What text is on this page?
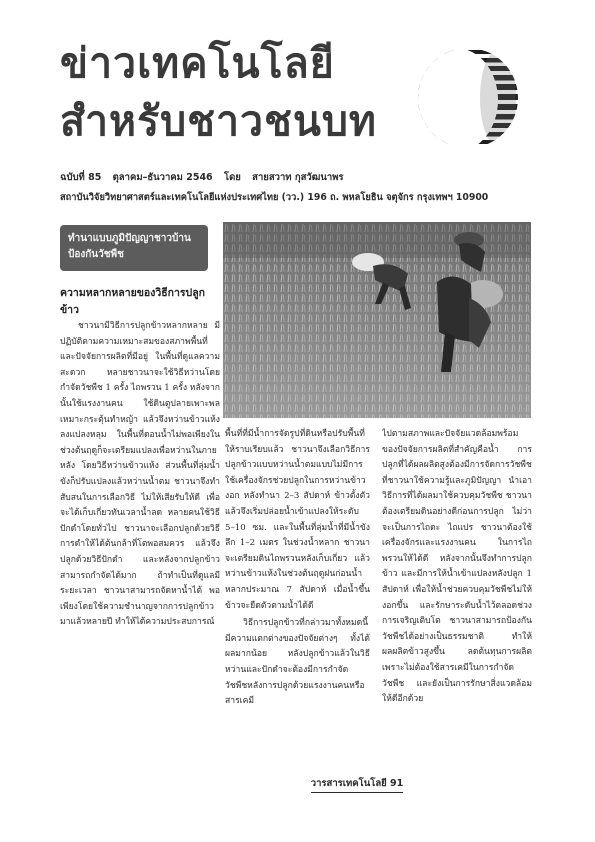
ข่าวเทคโนโลยี
สำหรับชาวชนบท
ฉบับที่ 85 ตุลาคม–ธันวาคม 2546 โดย สายสวาท กุสวัฒนาพร
สถาบันวิจัยวิทยาศาสตร์และเทคโนโลยีแห่งประเทศไทย (วว.) 196 ถ. พหลโยธิน จตุจักร กรุงเทพฯ 10900
ทำนาแบบภูมิปัญญาชาวบ้าน ป้องกันวัชพืช
ความหลากหลายของวิธีการปลูกข้าว

ชาวนามีวิธีการปลูกข้าวหลากหลาย มีปฏิบัติตามความเหมาะสมของสภาพพื้นที่และปัจจัยการผลิตที่มีอยู่ ในพื้นที่ดูแลความสะดวก หลายชาวนาจะใช้วิธีหว่านโดยกำจัดวัชพืช 1 ครั้ง ไถพรวน 1 ครั้ง หลังจากนั้นใช้แรงงานคน ใช้ดินตูปลายเพาะพลเหมาะกระตุ้นทำหญ้า แล้วจึงหว่านข้าวแห้งลงแปลงหลุม ในพื้นที่ดอนน้ำไม่พอเพียงในช่วงต้นฤดูก็จะเตรียมแปลงเพื่อหว่านในภายหลัง โดยวิธีหว่านข้าวแห้ง ส่วนพื้นที่ลุ่มน้ำขังก็ปรับแปลงแล้วหว่านน้ำตม ชาวนาจึงทำสับสนในการเลือกวิธี ไม่ให้เสียรับให้ดี เพื่อจะได้เก็บเกี่ยวทันเวลาน้ำลด หลายคนใช้วิธีปักดำโดยทั่วไป ชาวนาจะเลือกปลูกด้วยวิธีการดำให้ได้ต้นกล้าที่โตพอสมควร แล้วจึงปลูกด้วยวิธีปักดำ และหลังจากปลูกข้าว สามารถกำจัดได้มาก ถ้าทำเป็นที่ดูแลมีระยะเวลา ชาวนาสามารถจัดหาน้ำได้ พอเพียงโดยใช้ความชำนาญจากการปลูกข้าวมาแล้วหลายปี ทำให้ได้ความประสบการณ์

พื้นที่ที่มีน้ำการจัดรูปที่ดินหรือปรับพื้นที่ให้ราบเรียบแล้ว ชาวนาจึงเลือกวิธีการปลูกข้าวแบบหว่านน้ำตมแบบไม่มีการใช้เครื่องจักรช่วยปลูกในการหว่านข้าวงอก หลังทำนา 2–3 สัปดาห์ ข้าวตั้งตัวแล้วจึงเริ่มปล่อยน้ำเข้าแปลงให้ระดับ 5–10 ซม. และในพื้นที่ลุ่มน้ำที่มีน้ำขังลึก 1–2 เมตร ในช่วงน้ำหลาก ชาวนาจะเตรียมดินไถพรวนหลังเก็บเกี่ยว แล้วหว่านข้าวแห้งในช่วงต้นฤดูฝนก่อนน้ำหลากประมาณ 7 สัปดาห์ เมื่อน้ำขึ้นข้าวจะยืดตัวตามน้ำได้ดี

วิธีการปลูกข้าวที่กล่าวมาทั้งหมดนี้มีความแตกต่างของปัจจัยต่างๆ ทั้งได้ผลมากน้อย หลังปลูกข้าวแล้วในวิธีหว่านและปักดำจะต้องมีการกำจัดวัชพืชหลังการปลูกด้วยแรงงานคนหรือสารเคมี

ไปตามสภาพและปัจจัยแวดล้อมพร้อมของปัจจัยการผลิตที่สำคัญคือน้ำ การปลูกที่ได้ผลผลิตสูงต้องมีการจัดการวัชพืชที่ชาวนาใช้ความรู้และภูมิปัญญา นำเอาวิธีการที่ได้ผลมาใช้ควบคุมวัชพืช ชาวนาต้องเตรียมดินอย่างดีก่อนการปลูก ไม่ว่าจะเป็นการไถดะ ไถแปร ชาวนาต้องใช้เครื่องจักรและแรงงานคน ในการไถพรวนให้ได้ดี หลังจากนั้นจึงทำการปลูกข้าว และมีการให้น้ำเข้าแปลงหลังปลูก 1 สัปดาห์ เพื่อให้น้ำช่วยควบคุมวัชพืชไม่ให้งอกขึ้น และรักษาระดับน้ำไว้ตลอดช่วงการเจริญเติบโต ชาวนาสามารถป้องกันวัชพืชได้อย่างเป็นธรรมชาติ ทำให้ผลผลิตข้าวสูงขึ้น ลดต้นทุนการผลิต เพราะไม่ต้องใช้สารเคมีในการกำจัดวัชพืช และยังเป็นการรักษาสิ่งแวดล้อมให้ดีอีกด้วย

วารสารเทคโนโลยี 91
